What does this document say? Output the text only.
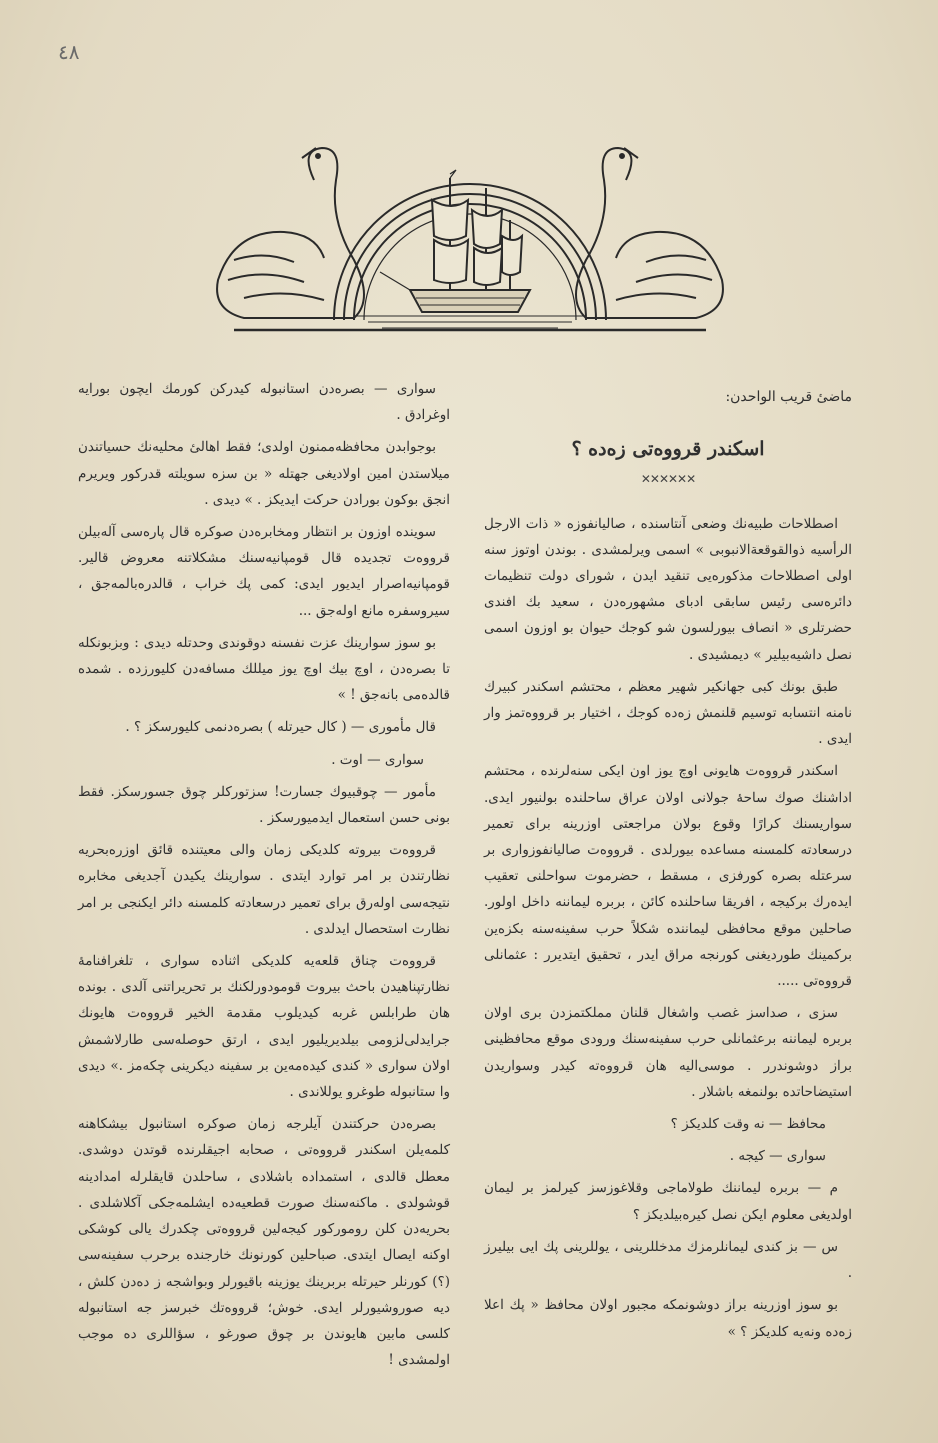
٤٨
ماضیٔ قریب الواحدن:
اسکندر قرووه‌تی زه‌ده ؟
✕✕✕✕✕✕

اصطلاحات طبیه‌نك وضعی آنتاسنده ، صالیانفوزه « ذات الارجل الرأسیه ذوالقوقعةالانبوبی » اسمی ویرلمشدی . بوندن اوتوز سنه اولی اصطلاحات مذکوره‌یی تنقید ایدن ، شورای دولت تنظیمات دائره‌سی رئیس سابقی ادبای مشهوره‌دن ، سعید بك افندی حضرتلری « انصاف بیورلسون شو کوجك حیوان بو اوزون اسمی نصل داشیه‌بیلیر » دیمشیدی .

طبق بونك کبی جهانکیر شهیر معظم ، محتشم اسکندر کبیرك نامنه انتسابه توسیم قلنمش زه‌ده کوجك ، اختیار بر قرووه‌تمز وار ایدی .

اسکندر قرووه‌ت هایونی اوچ یوز اون ایکی سنه‌لرنده ، محتشم اداشنك صوك ساحهٔ جولانی اولان عراق ساحلنده بولنیور ایدی. سواریسنك کرارًا وقوع بولان مراجعتی اوزرینه برای تعمیر درسعادته کلمسنه مساعده بیورلدی . قرووه‌ت صالیانفوزواری بر سرعتله بصره کورفزی ، مسقط ، حضرموت سواحلنی تعقیب ایده‌رك برکیجه ، افریقا ساحلنده کائن ، بربره لیماننه داخل اولور. صاحلین موقع محافظی لیماننده شکلاً حرب سفینه‌سنه بکزه‌ین برکمینك طوردیغنی کورنجه مراق ایدر ، تحقیق ایتدیرر : عثمانلی قرووه‌تی .....

سزی ، صداسز غصب واشغال قلنان مملکتمزدن بری اولان بربره لیماننه برعثمانلی حرب سفینه‌سنك ورودی موقع محافظینی براز دوشوندرر . موسی‌الیه هان قرووه‌ته کیدر وسواریدن استیضاحاتده بولنمغه باشلار .

محافظ — نه وقت کلدیکز ؟

سواری — کیجه .

م — بربره لیماننك طولاماجی وقلاغوزسز کیرلمز بر لیمان اولدیغی معلوم ایکن نصل کیره‌بیلدیکز ؟

س — بز کندی لیمانلرمزك مدخللرینی ، یوللرینی پك ایی بیلیرز .

بو سوز اوزرینه براز دوشونمکه مجبور اولان محافظ « پك اعلا زه‌ده ونه‌یه کلدیکز ؟ »

سواری — بصره‌دن استانبوله کیدرکن کورمك ایچون بورایه اوغرادق .

بوجوابدن محافظه‌ممنون اولدی؛ فقط اهالیٔ محلیه‌نك حسیاتندن میلاستدن امین اولادیغی جهتله « بن سزه سویلته قدرکور ویریرم انجق بوکون بورادن حرکت ایدیکز . » دیدی .

سوینده اوزون بر انتظار ومخابره‌دن صوکره قال پاره‌سی آله‌بیلن قرووه‌ت تجدیده قال قومپانیه‌سنك مشکلاتنه معروض قالیر. قومپانیه‌اصرار ایدیور ایدی: کمی پك خراب ، قالدره‌بالمه‌جق ، سیروسفره مانع اوله‌جق ...

بو سوز سوارینك عزت نفسنه دوقوندی وحدتله دیدی : وبزبونکله تا بصره‌دن ، اوچ بیك اوچ یوز میللك مسافه‌دن کلیورزده . شمده قالده‌می بانه‌جق ! »

قال مأموری — ( کال حیرتله ) بصره‌دنمی کلیورسکز ؟ .

سواری — اوت .

مأمور — چوقبیوك جسارت! سزتورکلر چوق جسورسکز. فقط بونی حسن استعمال ایدمیورسکز .

قرووه‌ت بیروته کلدیکی زمان والی معیتنده قائق اوزره‌بحریه نظارتندن بر امر توارد ایتدی . سوارینك یکیدن آجدیغی مخابره نتیجه‌سی اوله‌رق برای تعمیر درسعادته کلمسنه دائر ایکنجی بر امر نظارت استحصال ایدلدی .

قرووه‌ت چناق قلعه‌یه کلدیکی اثناده سواری ، تلغرافنامهٔ نظارتپناهیدن باحث بیروت قومودورلکنك بر تحریراتنی آلدی . بونده هان طرابلس غربه کیدیلوب مقدمة الخیر قرووه‌ت هایونك جرایدلی‌لزومی بیلدیریلیور ایدی ، ارتق حوصله‌سی طارلاشمش اولان سواری « کندی کیده‌مه‌ین بر سفینه دیکرینی چکه‌مز .» دیدی وا ستانبوله طوغرو یوللاندی .

بصره‌دن حرکتندن آیلرجه زمان صوکره استانبول بیشکاهنه کلمه‌یلن اسکندر قرووه‌تی ، صحابه اجیقلرنده قوتدن دوشدی. معطل قالدی ، استمداده باشلادی ، ساحلدن قایقلرله امدادینه قوشولدی . ماکنه‌سنك صورت قطعیه‌ده ایشلمه‌جکی آکلاشلدی . بحریه‌دن کلن رومورکور کیجه‌لین قرووه‌تی چکدرك یالی کوشکی اوکنه ایصال ایتدی. صباحلین کورنونك خارجنده برحرب سفینه‌سی (؟) کورنلر حیرتله بربرینك یوزینه باقیورلر وبواشجه ز ده‌دن کلش ، دیه صوروشیورلر ایدی. خوش؛ قرووه‌تك خبرسز جه استانبوله کلسی مابین هایوندن بر چوق صورغو ، سؤاللری ده موجب اولمشدی !
